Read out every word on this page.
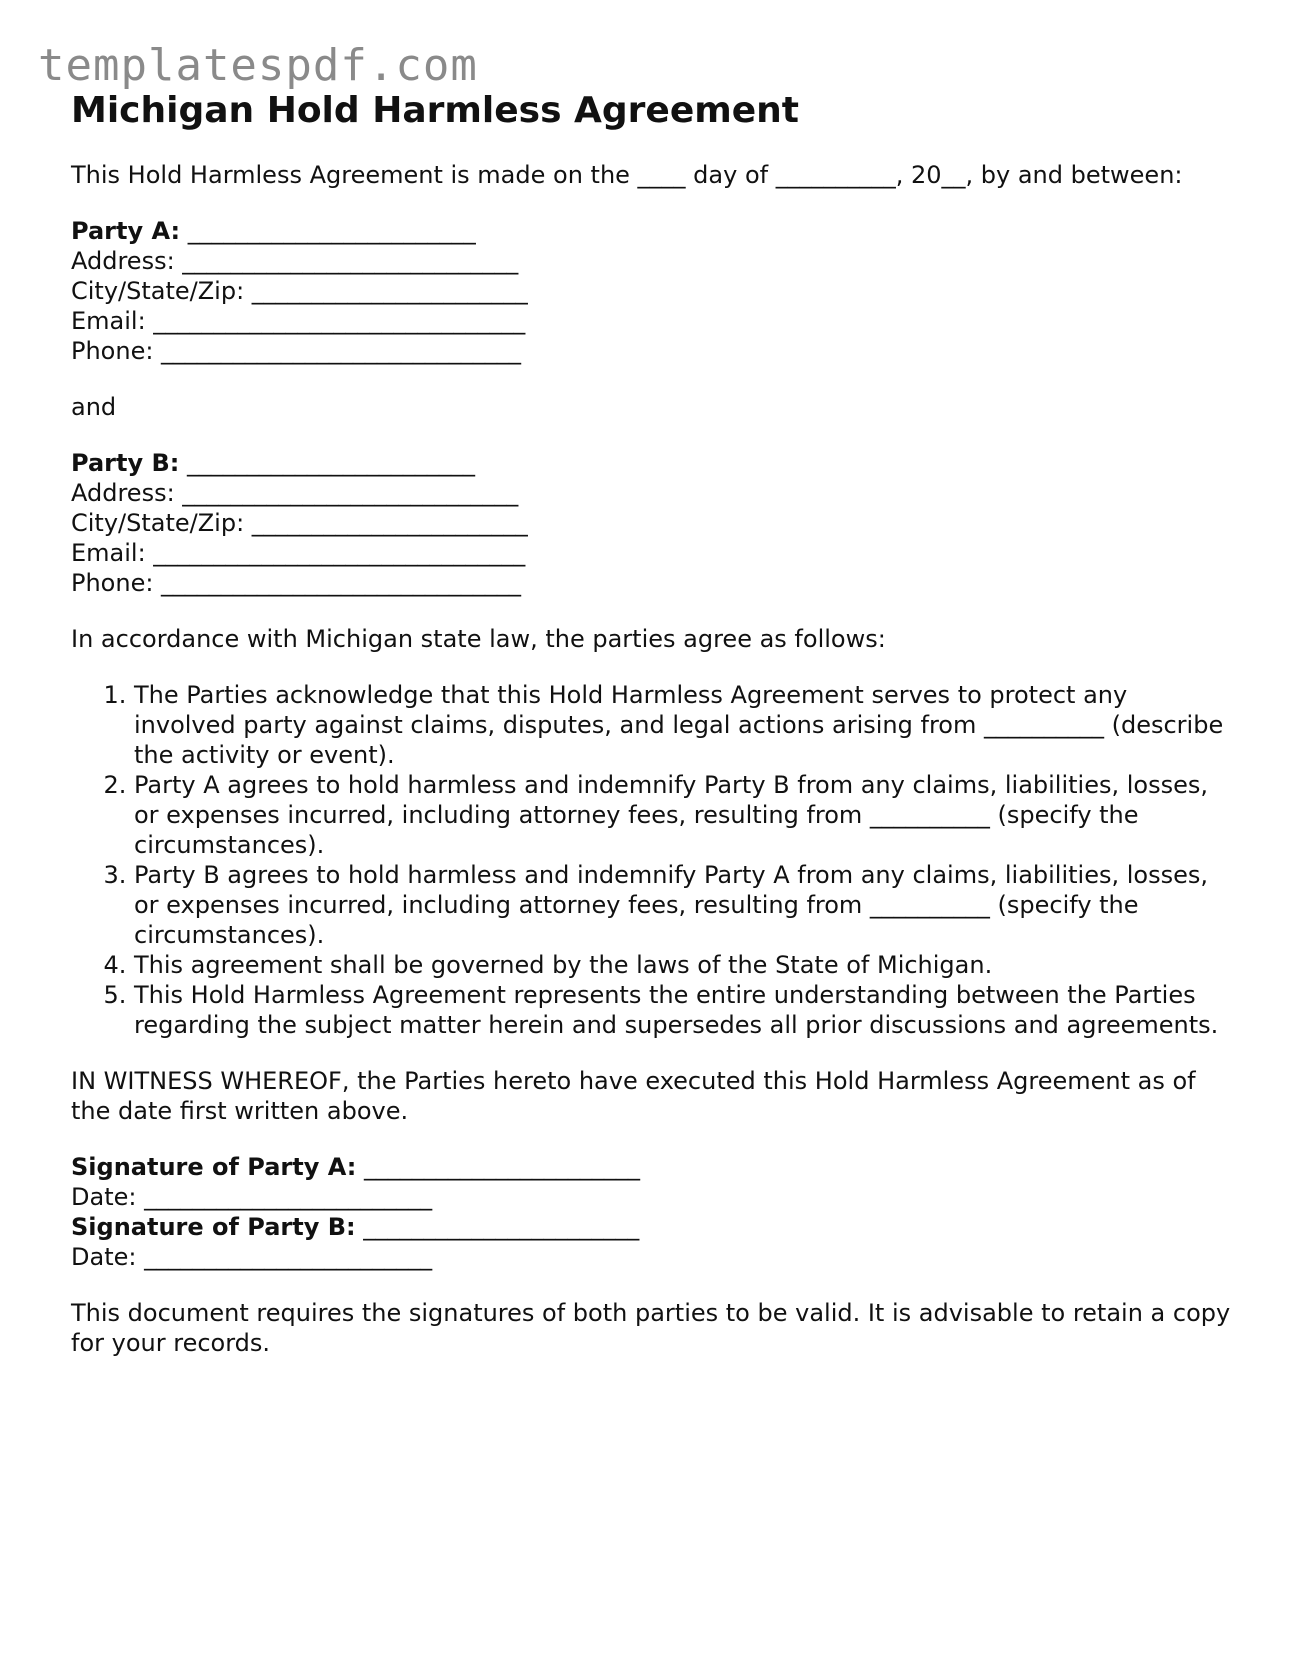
templatespdf.com
Michigan Hold Harmless Agreement

This Hold Harmless Agreement is made on the ____ day of __________, 20__, by and between:

Party A: ________________________
Address: ____________________________
City/State/Zip: _______________________
Email: _______________________________
Phone: ______________________________

and

Party B: ________________________
Address: ____________________________
City/State/Zip: _______________________
Email: _______________________________
Phone: ______________________________

In accordance with Michigan state law, the parties agree as follows:

1. The Parties acknowledge that this Hold Harmless Agreement serves to protect any involved party against claims, disputes, and legal actions arising from __________ (describe the activity or event).
2. Party A agrees to hold harmless and indemnify Party B from any claims, liabilities, losses, or expenses incurred, including attorney fees, resulting from __________ (specify the circumstances).
3. Party B agrees to hold harmless and indemnify Party A from any claims, liabilities, losses, or expenses incurred, including attorney fees, resulting from __________ (specify the circumstances).
4. This agreement shall be governed by the laws of the State of Michigan.
5. This Hold Harmless Agreement represents the entire understanding between the Parties regarding the subject matter herein and supersedes all prior discussions and agreements.

IN WITNESS WHEREOF, the Parties hereto have executed this Hold Harmless Agreement as of the date first written above.

Signature of Party A: _______________________
Date: ________________________
Signature of Party B: _______________________
Date: ________________________

This document requires the signatures of both parties to be valid. It is advisable to retain a copy for your records.
